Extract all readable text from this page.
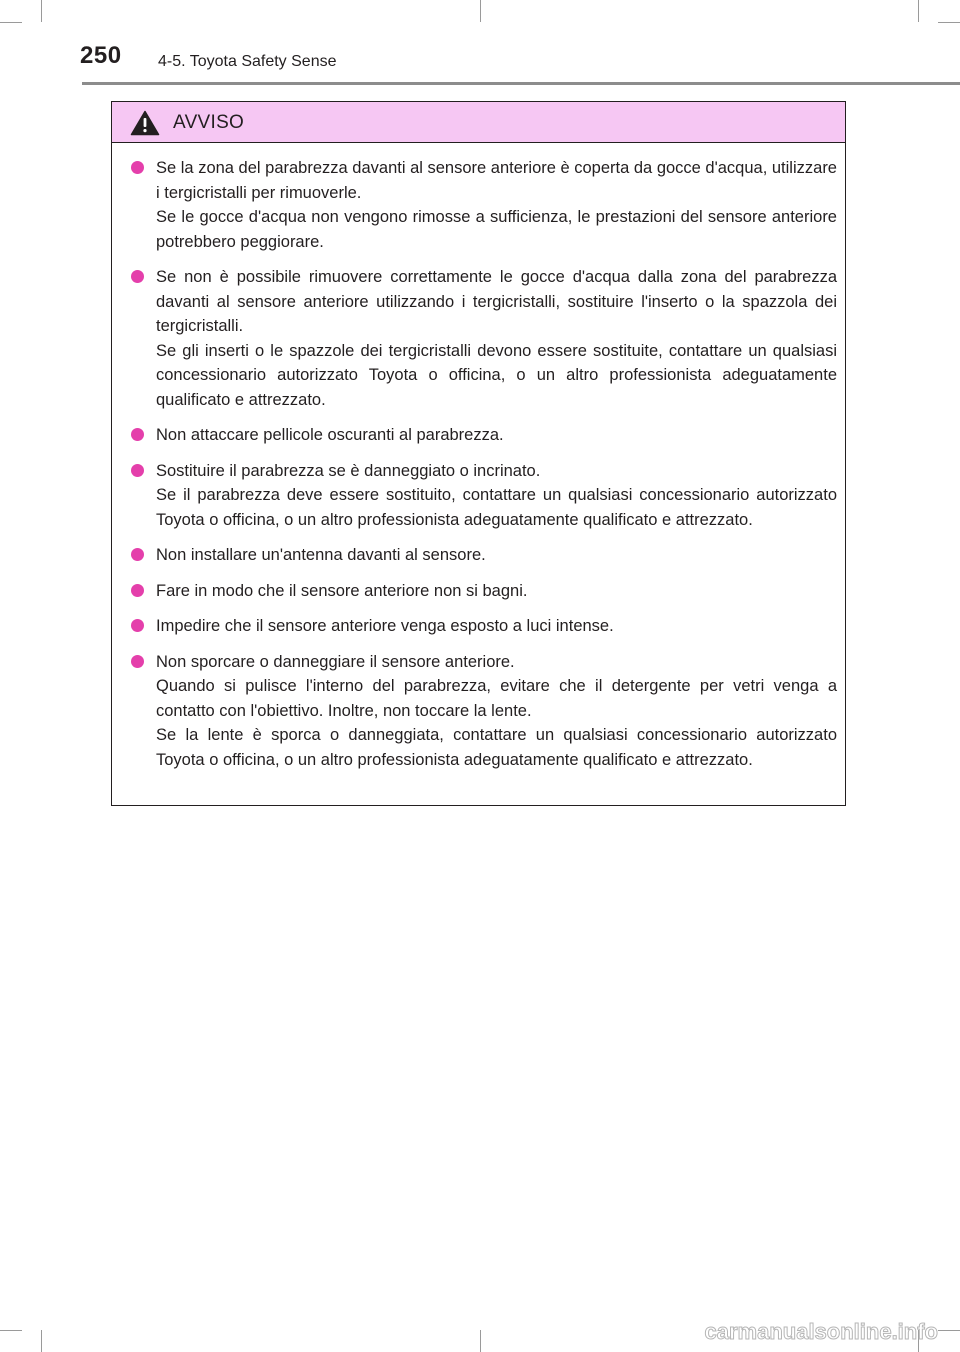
250 4-5. Toyota Safety Sense
AVVISO

Se la zona del parabrezza davanti al sensore anteriore è coperta da gocce d'acqua, utilizzare i tergicristalli per rimuoverle.

Se le gocce d'acqua non vengono rimosse a sufficienza, le prestazioni del sensore anteriore potrebbero peggiorare.

Se non è possibile rimuovere correttamente le gocce d'acqua dalla zona del parabrezza davanti al sensore anteriore utilizzando i tergicristalli, sostituire l'inserto o la spazzola dei tergicristalli.

Se gli inserti o le spazzole dei tergicristalli devono essere sostituite, contattare un qualsiasi concessionario autorizzato Toyota o officina, o un altro professionista adeguatamente qualificato e attrezzato.

Non attaccare pellicole oscuranti al parabrezza.

Sostituire il parabrezza se è danneggiato o incrinato.

Se il parabrezza deve essere sostituito, contattare un qualsiasi concessionario autorizzato Toyota o officina, o un altro professionista adeguatamente qualificato e attrezzato.

Non installare un'antenna davanti al sensore.

Fare in modo che il sensore anteriore non si bagni.

Impedire che il sensore anteriore venga esposto a luci intense.

Non sporcare o danneggiare il sensore anteriore.

Quando si pulisce l'interno del parabrezza, evitare che il detergente per vetri venga a contatto con l'obiettivo. Inoltre, non toccare la lente.

Se la lente è sporca o danneggiata, contattare un qualsiasi concessionario autorizzato Toyota o officina, o un altro professionista adeguatamente qualificato e attrezzato.

carmanualsonline.info
